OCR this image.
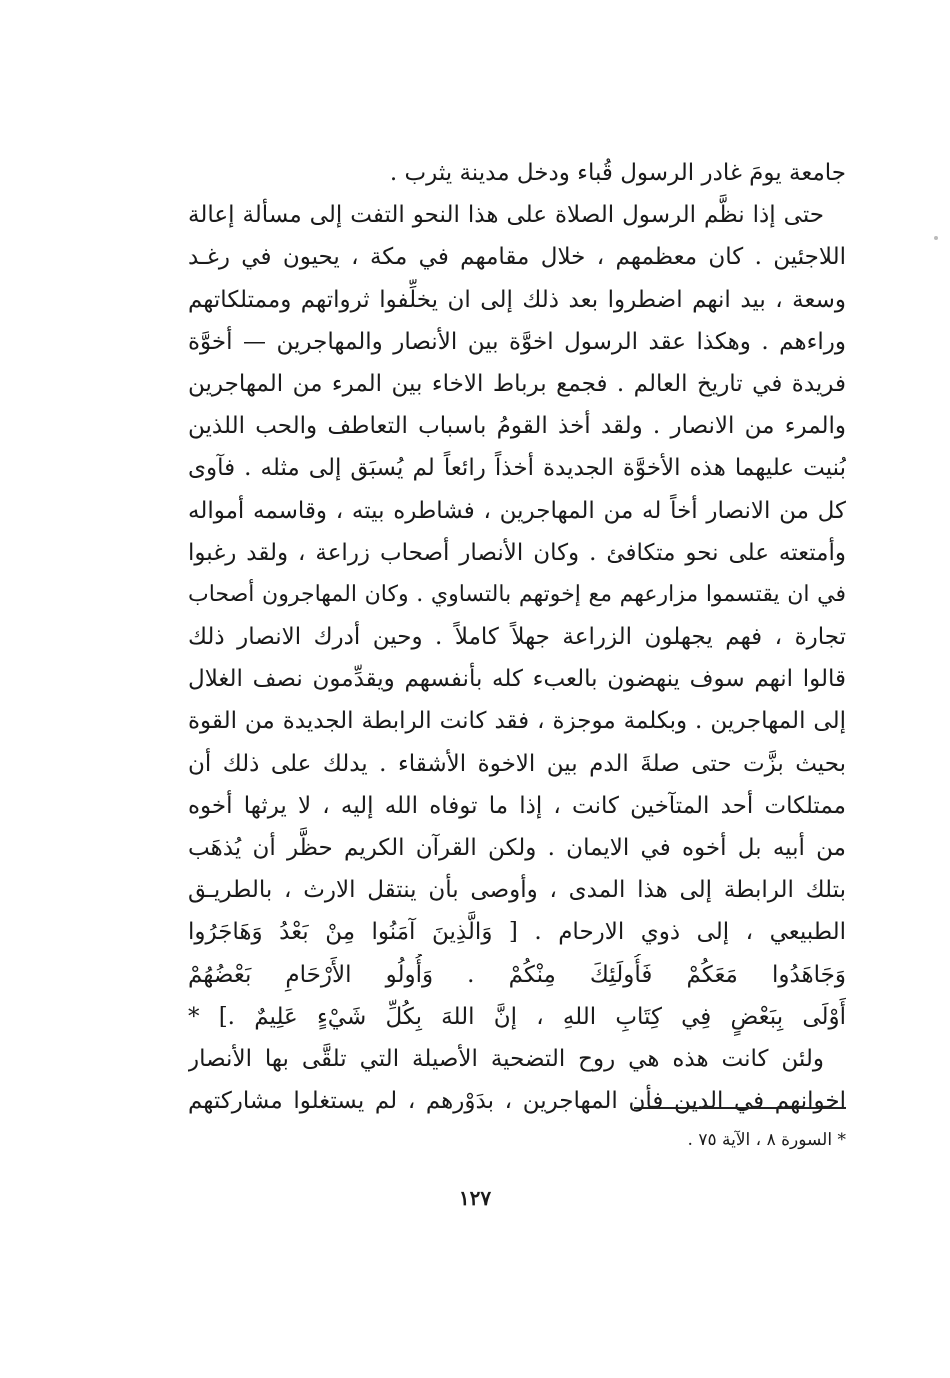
جامعة يومَ غادر الرسول قُباء ودخل مدينة يثرب .
حتى إذا نظَّم الرسول الصلاة على هذا النحو التفت إلى مسألة إعالة
اللاجئين . كان معظمهم ، خلال مقامهم في مكة ، يحيون في رغـد
وسعة ، بيد انهم اضطروا بعد ذلك إلى ان يخلِّفوا ثرواتهم وممتلكاتهم
وراءهم . وهكذا عقد الرسول اخوَّة بين الأنصار والمهاجرين — أخوَّة
فريدة في تاريخ العالم . فجمع برباط الاخاء بين المرء من المهاجرين
والمرء من الانصار . ولقد أخذ القومُ باسباب التعاطف والحب اللذين
بُنيت عليهما هذه الأخوَّة الجديدة أخذاً رائعاً لم يُسبَق إلى مثله . فآوى
كل من الانصار أخاً له من المهاجرين ، فشاطره بيته ، وقاسمه أمواله
وأمتعته على نحو متكافئ . وكان الأنصار أصحاب زراعة ، ولقد رغبوا
في ان يقتسموا مزارعهم مع إخوتهم بالتساوي . وكان المهاجرون أصحاب
تجارة ، فهم يجهلون الزراعة جهلاً كاملاً . وحين أدرك الانصار ذلك
قالوا انهم سوف ينهضون بالعبء كله بأنفسهم ويقدِّمون نصف الغلال
إلى المهاجرين . وبكلمة موجزة ، فقد كانت الرابطة الجديدة من القوة
بحيث بزَّت حتى صلةَ الدم بين الاخوة الأشقاء . يدلك على ذلك أن
ممتلكات أحد المتآخين كانت ، إذا ما توفاه الله إليه ، لا يرثها أخوه
من أبيه بل أخوه في الايمان . ولكن القرآن الكريم حظَّر أن يُذهَب
بتلك الرابطة إلى هذا المدى ، وأوصى بأن ينتقل الارث ، بالطريـق
الطبيعي ، إلى ذوي الارحام . [ وَالَّذِينَ آمَنُوا مِنْ بَعْدُ وَهَاجَرُوا
وَجَاهَدُوا مَعَكُمْ فَأُولَئِكَ مِنْكُمْ . وَأُولُو الأَرْحَامِ بَعْضُهُمْ
أَوْلَى بِبَعْضٍ فِي كِتَابِ اللهِ ، إنَّ اللهَ بِكُلِّ شَيْءٍ عَلِيمٌ .] *
ولئن كانت هذه هي روح التضحية الأصيلة التي تلقَّى بها الأنصار
اخوانهم في الدين فأن المهاجرين ، بدَوْرهم ، لم يستغلوا مشاركتهم
* السورة ٨ ، الآية ٧٥ .
١٢٧
